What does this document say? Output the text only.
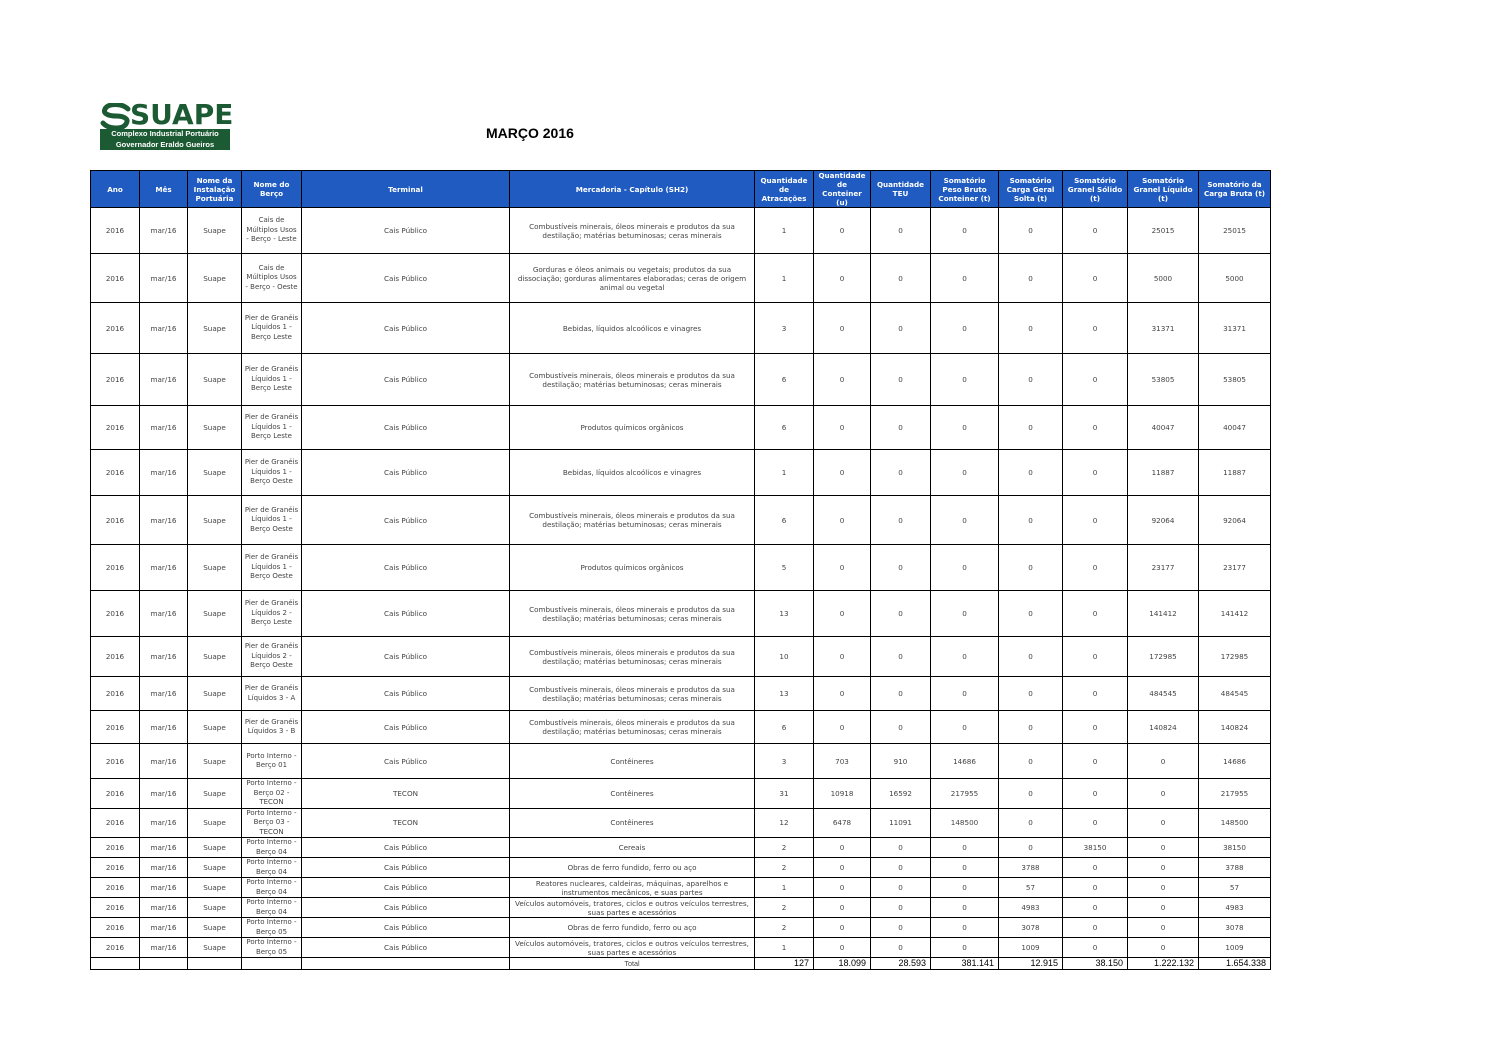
SUAPE
Complexo Industrial Portuário
Governador Eraldo Gueiros
MARÇO 2016
Ano	Mês	Nome da Instalação Portuária	Nome do Berço	Terminal	Mercadoria - Capítulo (SH2)	Quantidade de Atracações	Quantidade de Conteiner (u)	Quantidade TEU	Somatório Peso Bruto Conteiner (t)	Somatório Carga Geral Solta (t)	Somatório Granel Sólido (t)	Somatório Granel Líquido (t)	Somatório da Carga Bruta (t)
2016	mar/16	Suape	Cais de Múltiplos Usos - Berço - Leste	Cais Público	Combustíveis minerais, óleos minerais e produtos da sua destilação; matérias betuminosas; ceras minerais	1	0	0	0	0	0	25015	25015
2016	mar/16	Suape	Cais de Múltiplos Usos - Berço - Oeste	Cais Público	Gorduras e óleos animais ou vegetais; produtos da sua dissociação; gorduras alimentares elaboradas; ceras de origem animal ou vegetal	1	0	0	0	0	0	5000	5000
2016	mar/16	Suape	Pier de Granéis Líquidos 1 - Berço Leste	Cais Público	Bebidas, líquidos alcoólicos e vinagres	3	0	0	0	0	0	31371	31371
2016	mar/16	Suape	Pier de Granéis Líquidos 1 - Berço Leste	Cais Público	Combustíveis minerais, óleos minerais e produtos da sua destilação; matérias betuminosas; ceras minerais	6	0	0	0	0	0	53805	53805
2016	mar/16	Suape	Pier de Granéis Líquidos 1 - Berço Leste	Cais Público	Produtos químicos orgânicos	6	0	0	0	0	0	40047	40047
2016	mar/16	Suape	Pier de Granéis Líquidos 1 - Berço Oeste	Cais Público	Bebidas, líquidos alcoólicos e vinagres	1	0	0	0	0	0	11887	11887
2016	mar/16	Suape	Pier de Granéis Líquidos 1 - Berço Oeste	Cais Público	Combustíveis minerais, óleos minerais e produtos da sua destilação; matérias betuminosas; ceras minerais	6	0	0	0	0	0	92064	92064
2016	mar/16	Suape	Pier de Granéis Líquidos 1 - Berço Oeste	Cais Público	Produtos químicos orgânicos	5	0	0	0	0	0	23177	23177
2016	mar/16	Suape	Pier de Granéis Líquidos 2 - Berço Leste	Cais Público	Combustíveis minerais, óleos minerais e produtos da sua destilação; matérias betuminosas; ceras minerais	13	0	0	0	0	0	141412	141412
2016	mar/16	Suape	Pier de Granéis Líquidos 2 - Berço Oeste	Cais Público	Combustíveis minerais, óleos minerais e produtos da sua destilação; matérias betuminosas; ceras minerais	10	0	0	0	0	0	172985	172985
2016	mar/16	Suape	Pier de Granéis Líquidos 3 - A	Cais Público	Combustíveis minerais, óleos minerais e produtos da sua destilação; matérias betuminosas; ceras minerais	13	0	0	0	0	0	484545	484545
2016	mar/16	Suape	Pier de Granéis Líquidos 3 - B	Cais Público	Combustíveis minerais, óleos minerais e produtos da sua destilação; matérias betuminosas; ceras minerais	6	0	0	0	0	0	140824	140824
2016	mar/16	Suape	Porto Interno - Berço 01	Cais Público	Contêineres	3	703	910	14686	0	0	0	14686
2016	mar/16	Suape	Porto Interno - Berço 02 - TECON	TECON	Contêineres	31	10918	16592	217955	0	0	0	217955
2016	mar/16	Suape	Porto Interno - Berço 03 - TECON	TECON	Contêineres	12	6478	11091	148500	0	0	0	148500
2016	mar/16	Suape	Porto Interno - Berço 04	Cais Público	Cereais	2	0	0	0	0	38150	0	38150
2016	mar/16	Suape	Porto Interno - Berço 04	Cais Público	Obras de ferro fundido, ferro ou aço	2	0	0	0	3788	0	0	3788
2016	mar/16	Suape	Porto Interno - Berço 04	Cais Público	Reatores nucleares, caldeiras, máquinas, aparelhos e instrumentos mecânicos, e suas partes	1	0	0	0	57	0	0	57
2016	mar/16	Suape	Porto Interno - Berço 04	Cais Público	Veículos automóveis, tratores, ciclos e outros veículos terrestres, suas partes e acessórios	2	0	0	0	4983	0	0	4983
2016	mar/16	Suape	Porto Interno - Berço 05	Cais Público	Obras de ferro fundido, ferro ou aço	2	0	0	0	3078	0	0	3078
2016	mar/16	Suape	Porto Interno - Berço 05	Cais Público	Veículos automóveis, tratores, ciclos e outros veículos terrestres, suas partes e acessórios	1	0	0	0	1009	0	0	1009
					Total	127	18.099	28.593	381.141	12.915	38.150	1.222.132	1.654.338
